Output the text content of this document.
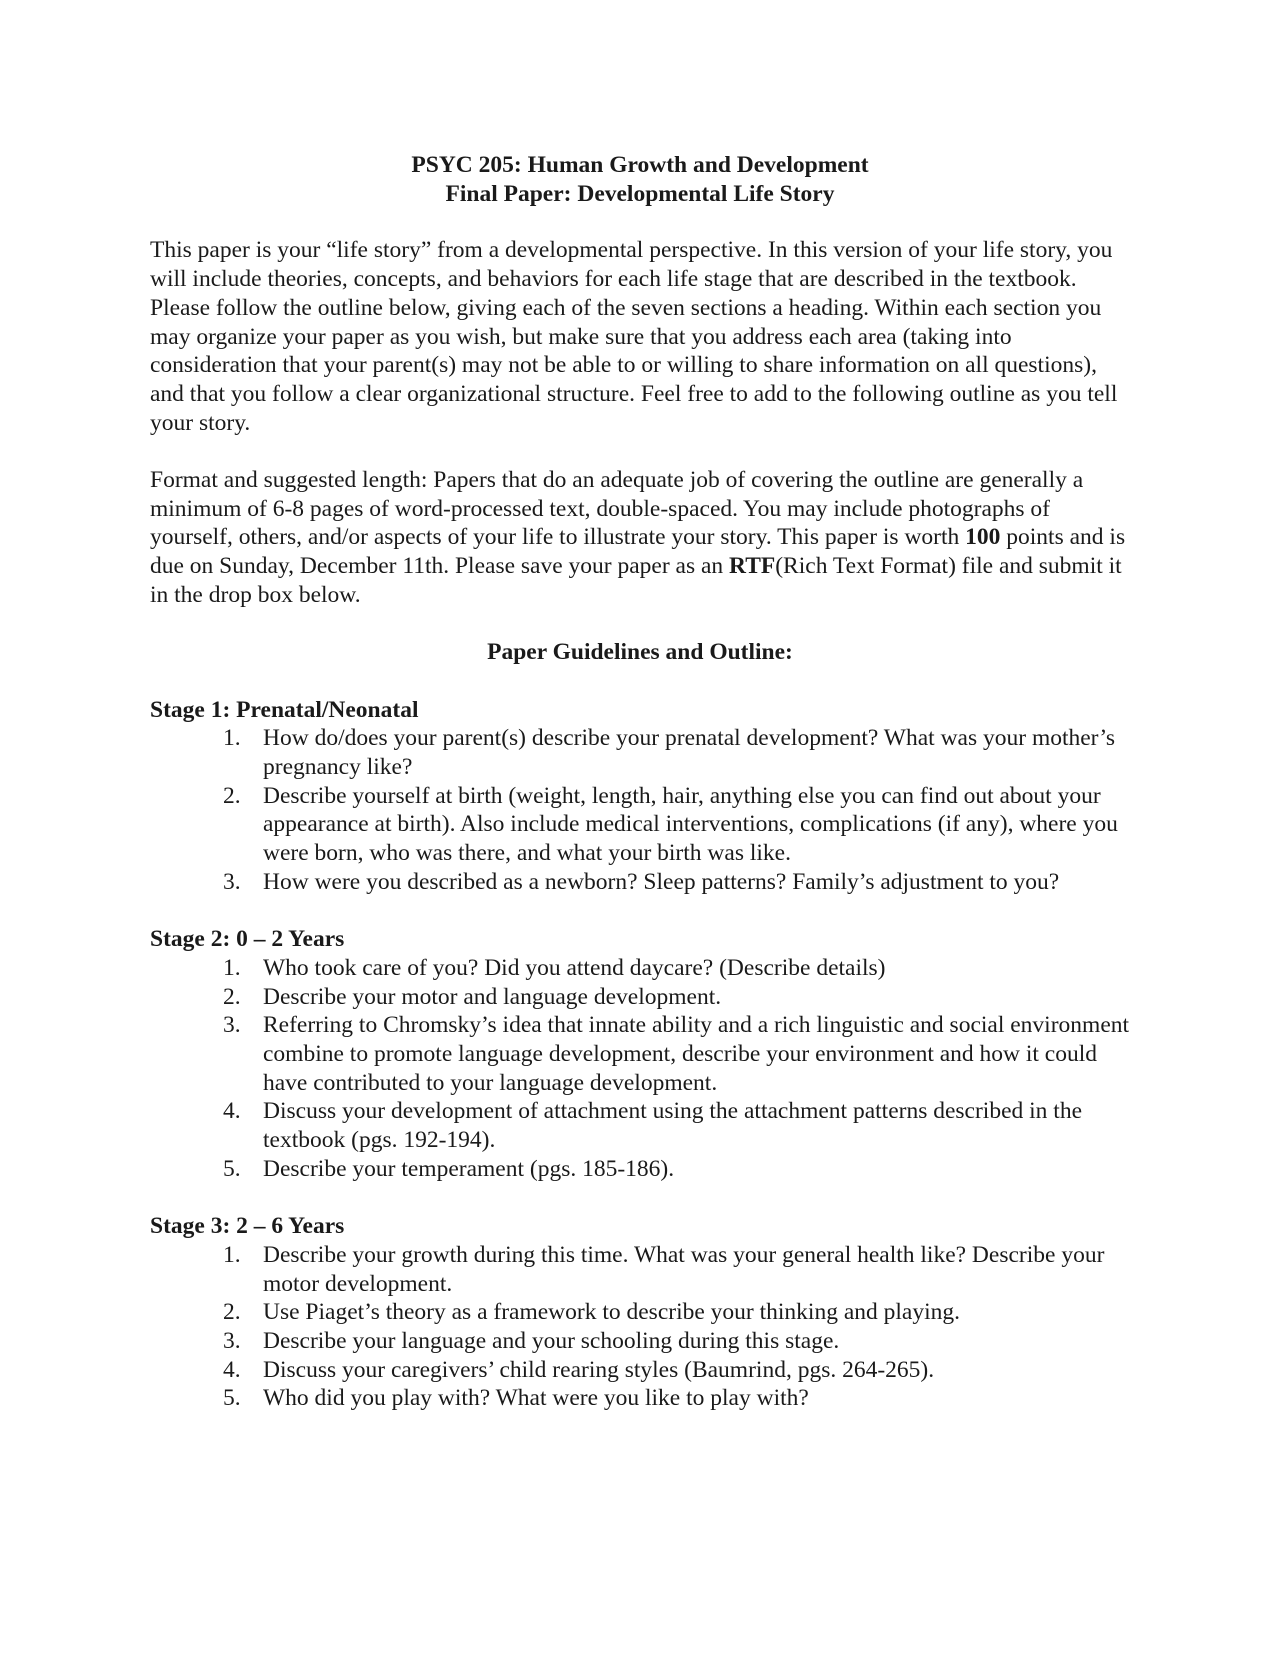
PSYC 205: Human Growth and Development
Final Paper: Developmental Life Story

This paper is your “life story” from a developmental perspective. In this version of your life story, you will include theories, concepts, and behaviors for each life stage that are described in the textbook. Please follow the outline below, giving each of the seven sections a heading. Within each section you may organize your paper as you wish, but make sure that you address each area (taking into consideration that your parent(s) may not be able to or willing to share information on all questions), and that you follow a clear organizational structure. Feel free to add to the following outline as you tell your story.

Format and suggested length: Papers that do an adequate job of covering the outline are generally a minimum of 6-8 pages of word-processed text, double-spaced. You may include photographs of yourself, others, and/or aspects of your life to illustrate your story. This paper is worth 100 points and is due on Sunday, December 11th. Please save your paper as an RTF(Rich Text Format) file and submit it in the drop box below.

Paper Guidelines and Outline:
Stage 1: Prenatal/Neonatal
1. How do/does your parent(s) describe your prenatal development? What was your mother’s pregnancy like?
2. Describe yourself at birth (weight, length, hair, anything else you can find out about your appearance at birth). Also include medical interventions, complications (if any), where you were born, who was there, and what your birth was like.
3. How were you described as a newborn? Sleep patterns? Family’s adjustment to you?
Stage 2: 0 – 2 Years
1. Who took care of you? Did you attend daycare? (Describe details)
2. Describe your motor and language development.
3. Referring to Chromsky’s idea that innate ability and a rich linguistic and social environment combine to promote language development, describe your environment and how it could have contributed to your language development.
4. Discuss your development of attachment using the attachment patterns described in the textbook (pgs. 192-194).
5. Describe your temperament (pgs. 185-186).
Stage 3: 2 – 6 Years
1. Describe your growth during this time. What was your general health like? Describe your motor development.
2. Use Piaget’s theory as a framework to describe your thinking and playing.
3. Describe your language and your schooling during this stage.
4. Discuss your caregivers’ child rearing styles (Baumrind, pgs. 264-265).
5. Who did you play with? What were you like to play with?
